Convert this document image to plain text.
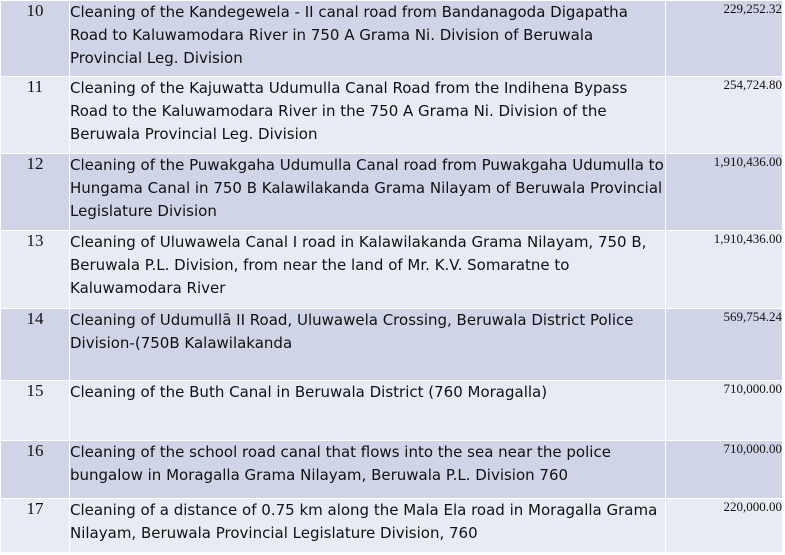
10	Cleaning of the Kandegewela - II canal road from Bandanagoda Digapatha Road to Kaluwamodara River in 750 A Grama Ni. Division of Beruwala Provincial Leg. Division	229,252.32
11	Cleaning of the Kajuwatta Udumulla Canal Road from the Indihena Bypass Road to the Kaluwamodara River in the 750 A Grama Ni. Division of the Beruwala Provincial Leg. Division	254,724.80
12	Cleaning of the Puwakgaha Udumulla Canal road from Puwakgaha Udumulla to Hungama Canal in 750 B Kalawilakanda Grama Nilayam of Beruwala Provincial Legislature Division	1,910,436.00
13	Cleaning of Uluwawela Canal I road in Kalawilakanda Grama Nilayam, 750 B, Beruwala P.L. Division, from near the land of Mr. K.V. Somaratne to Kaluwamodara River	1,910,436.00
14	Cleaning of Udumullā II Road, Uluwawela Crossing, Beruwala District Police Division-(750B Kalawilakanda	569,754.24
15	Cleaning of the Buth Canal in Beruwala District (760 Moragalla)	710,000.00
16	Cleaning of the school road canal that flows into the sea near the police bungalow in Moragalla Grama Nilayam, Beruwala P.L. Division 760	710,000.00
17	Cleaning of a distance of 0.75 km along the Mala Ela road in Moragalla Grama Nilayam, Beruwala Provincial Legislature Division, 760	220,000.00
